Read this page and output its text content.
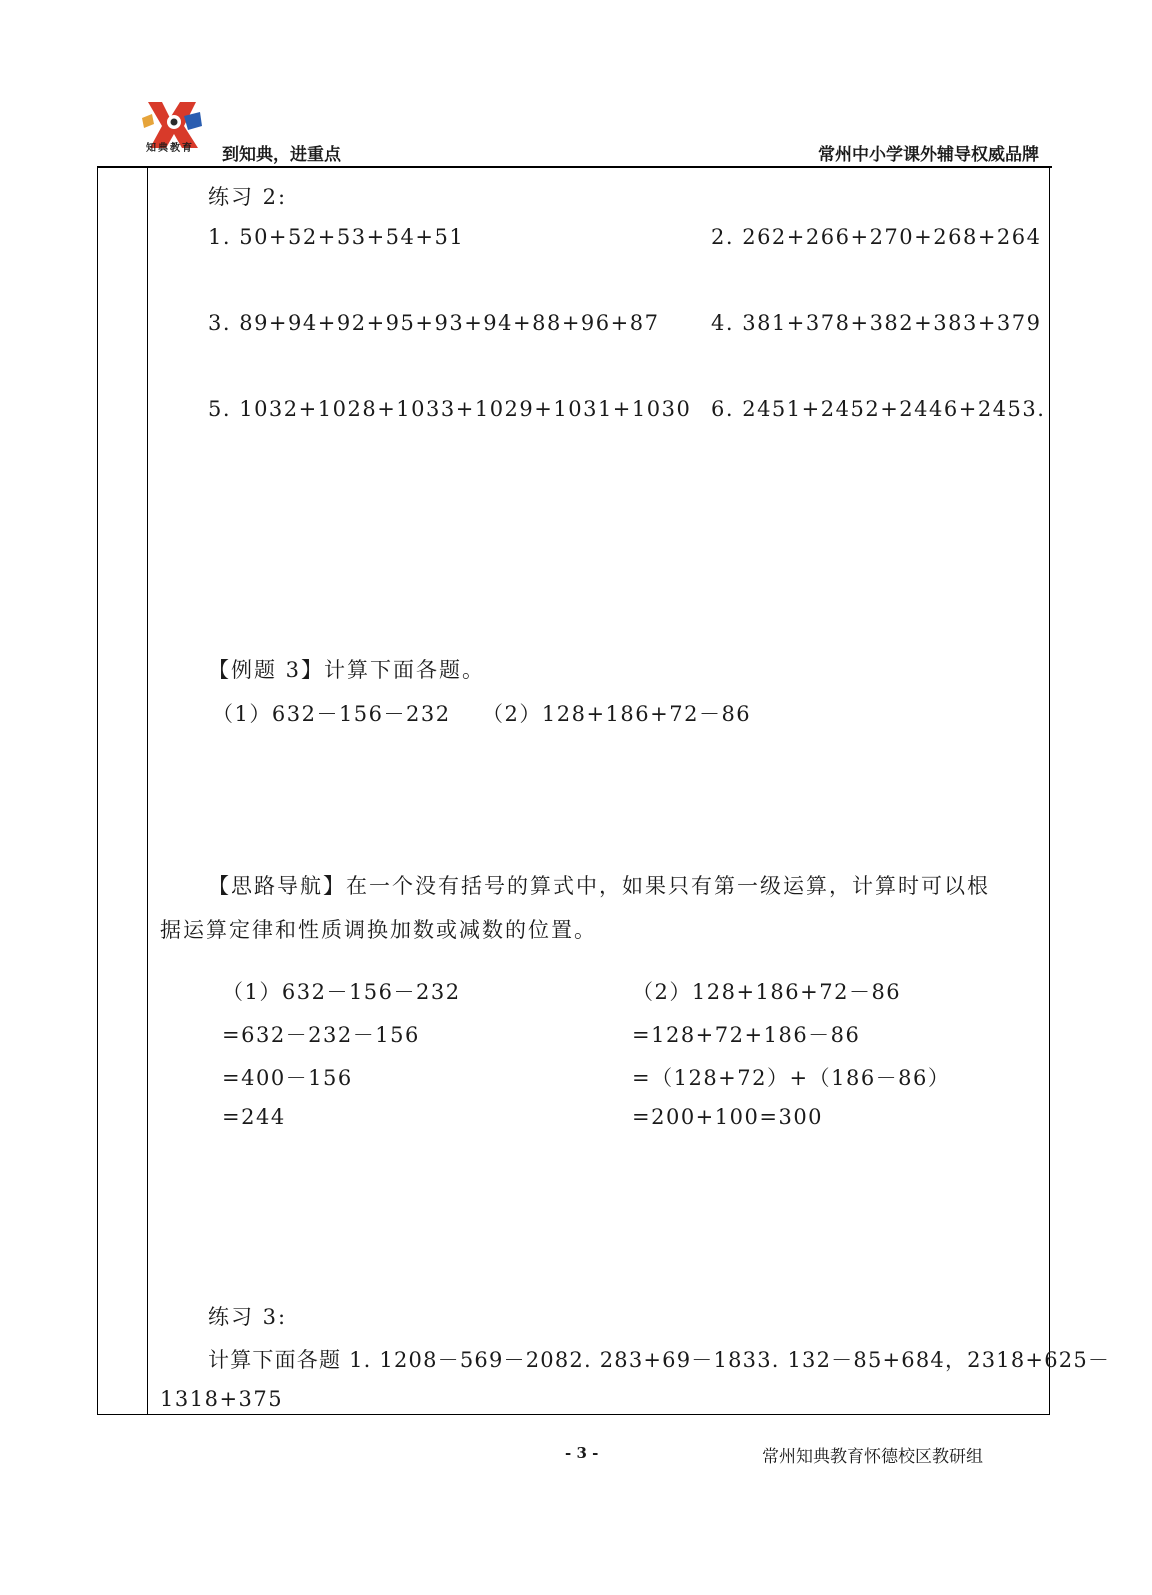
知典教育 到知典，进重点	常州中小学课外辅导权威品牌
练习 2:
1. 50+52+53+54+51	2. 262+266+270+268+264
3. 89+94+92+95+93+94+88+96+87 4. 381+378+382+383+379
5. 1032+1028+1033+1029+1031+1030 6. 2451+2452+2446+2453.
【例题 3】计算下面各题。
（1）632－156－232 （2）128+186+72－86
【思路导航】在一个没有括号的算式中，如果只有第一级运算，计算时可以根
据运算定律和性质调换加数或减数的位置。
（1）632－156－232
=632－232－156
=400－156
=244
（2）128+186+72－86
=128+72+186－86
=（128+72）+（186－86）
=200+100=300
练习 3:
计算下面各题 1. 1208－569－2082. 283+69－1833. 132－85+684，2318+625－
1318+375
- 3 -	常州知典教育怀德校区教研组
